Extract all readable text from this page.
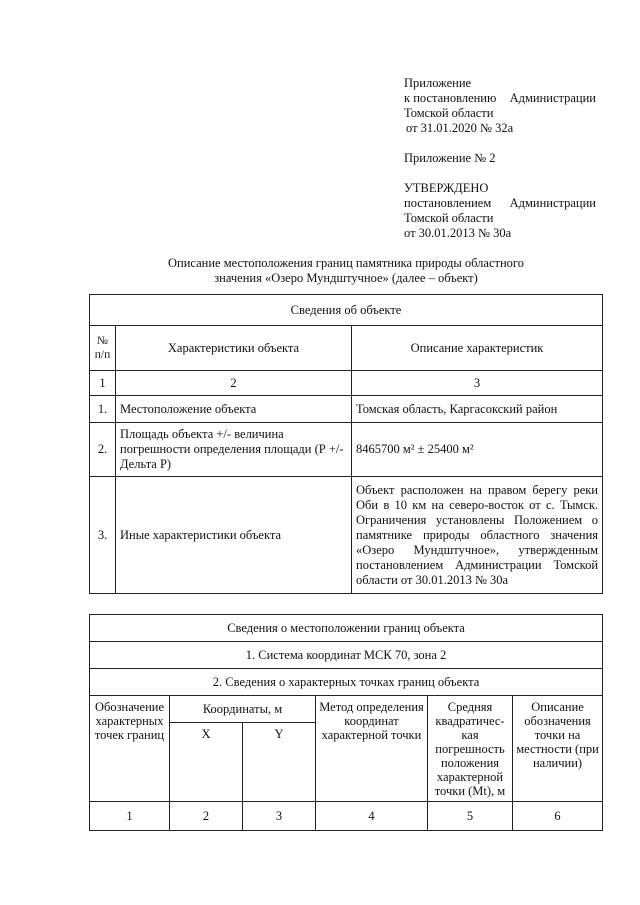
Приложение
к постановлению Администрации
Томской области
от 31.01.2020 № 32а
Приложение № 2
УТВЕРЖДЕНО
постановлением Администрации
Томской области
от 30.01.2013 № 30а
Описание местоположения границ памятника природы областного
значения «Озеро Мундштучное» (далее – объект)
Сведения об объекте		
№ п/п	Характеристики объекта	Описание характеристик
1	2	3
1.	Местоположение объекта	Томская область, Каргасокский район
2.	Площадь объекта +/- величина погрешности определения площади (Р +/- Дельта Р)	8465700 м² ± 25400 м²
3.	Иные характеристики объекта	Объект расположен на правом берегу реки Оби в 10 км на северо-восток от с. Тымск. Ограничения установлены Положением о памятнике природы областного значения «Озеро Мундштучное», утвержденным постановлением Администрации Томской области от 30.01.2013 № 30а
Сведения о местоположении границ объекта					
1. Система координат МСК 70, зона 2					
2. Сведения о характерных точках границ объекта					
Обозначение характерных точек границ	Координаты, м		Метод определения координат характерной точки	Средняя квадратичес-кая погрешность положения характерной точки (Mt), м	Описание обозначения точки на местности (при наличии)
	X	Y			
1	2	3	4	5	6
